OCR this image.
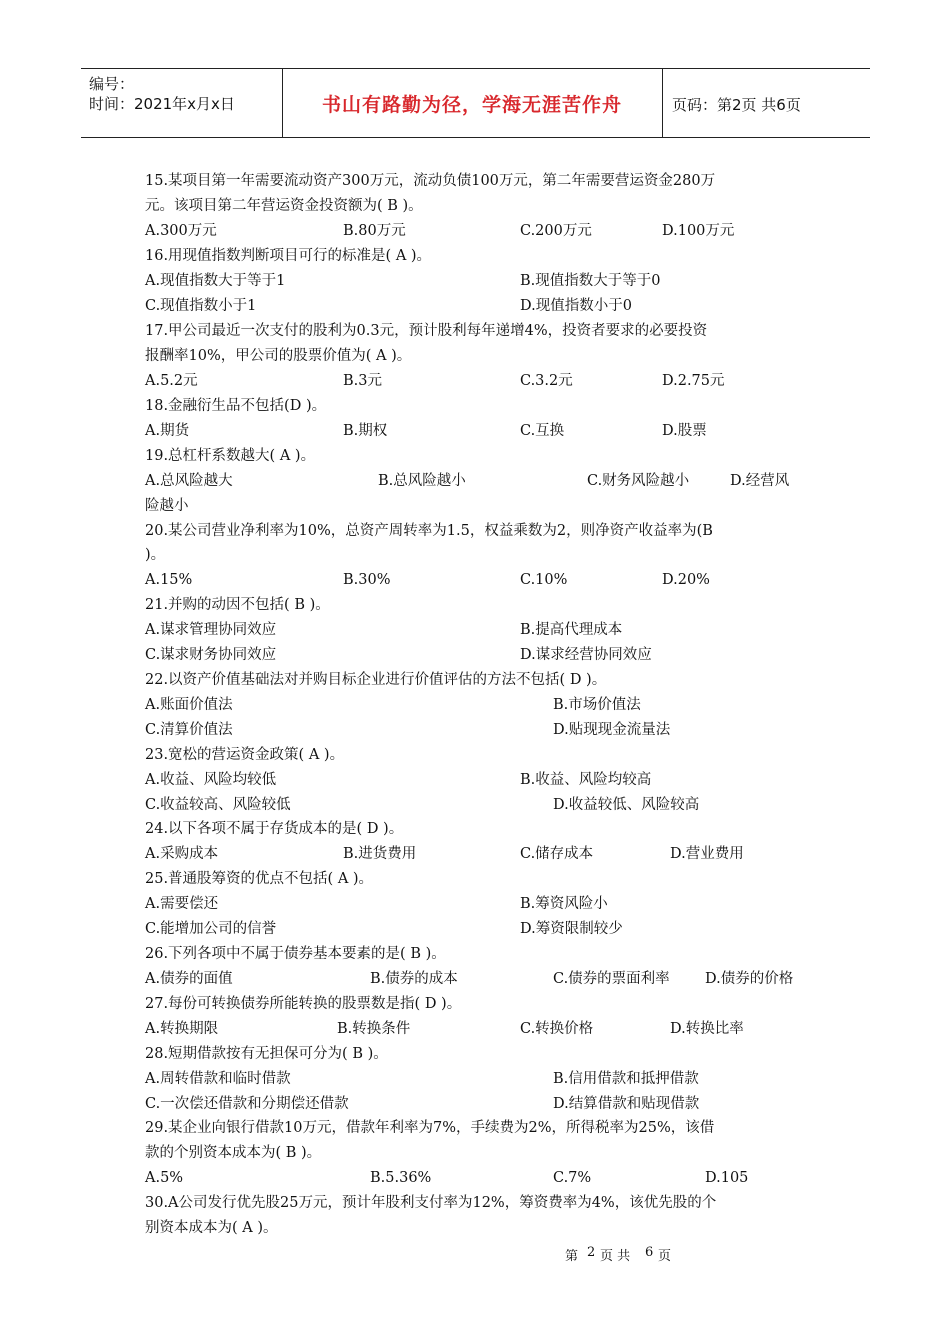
编号：
时间：2021年x月x日	书山有路勤为径，学海无涯苦作舟	页码：第2页 共6页
15.某项目第一年需要流动资产300万元，流动负债100万元，第二年需要营运资金280万
元。该项目第二年营运资金投资额为( B )。
A.300万元	B.80万元	C.200万元	D.100万元
16.用现值指数判断项目可行的标准是( A )。
A.现值指数大于等于1	B.现值指数大于等于0
C.现值指数小于1	D.现值指数小于0
17.甲公司最近一次支付的股利为0.3元，预计股利每年递增4%，投资者要求的必要投资
报酬率10%，甲公司的股票价值为( A )。
A.5.2元	B.3元	C.3.2元	D.2.75元
18.金融衍生品不包括(D )。
A.期货	B.期权	C.互换	D.股票
19.总杠杆系数越大( A )。
A.总风险越大	B.总风险越小	C.财务风险越小	D.经营风
险越小
20.某公司营业净利率为10%，总资产周转率为1.5，权益乘数为2，则净资产收益率为(B
)。
A.15%	B.30%	C.10%	D.20%
21.并购的动因不包括( B )。
A.谋求管理协同效应	B.提高代理成本
C.谋求财务协同效应	D.谋求经营协同效应
22.以资产价值基础法对并购目标企业进行价值评估的方法不包括( D )。
A.账面价值法	B.市场价值法
C.清算价值法	D.贴现现金流量法
23.宽松的营运资金政策( A )。
A.收益、风险均较低	B.收益、风险均较高
C.收益较高、风险较低	D.收益较低、风险较高
24.以下各项不属于存货成本的是( D )。
A.采购成本	B.进货费用	C.储存成本	D.营业费用
25.普通股筹资的优点不包括( A )。
A.需要偿还	B.筹资风险小
C.能增加公司的信誉	D.筹资限制较少
26.下列各项中不属于债券基本要素的是( B )。
A.债券的面值	B.债券的成本	C.债券的票面利率 D.债券的价格
27.每份可转换债券所能转换的股票数是指( D )。
A.转换期限	B.转换条件	C.转换价格	D.转换比率
28.短期借款按有无担保可分为( B )。
A.周转借款和临时借款	B.信用借款和抵押借款
C.一次偿还借款和分期偿还借款	D.结算借款和贴现借款
29.某企业向银行借款10万元，借款年利率为7%，手续费为2%，所得税率为25%，该借
款的个别资本成本为( B )。
A.5%	B.5.36%	C.7%	D.105
30.A公司发行优先股25万元，预计年股利支付率为12%，筹资费率为4%，该优先股的个
别资本成本为( A )。
第 2 页 共 6 页
